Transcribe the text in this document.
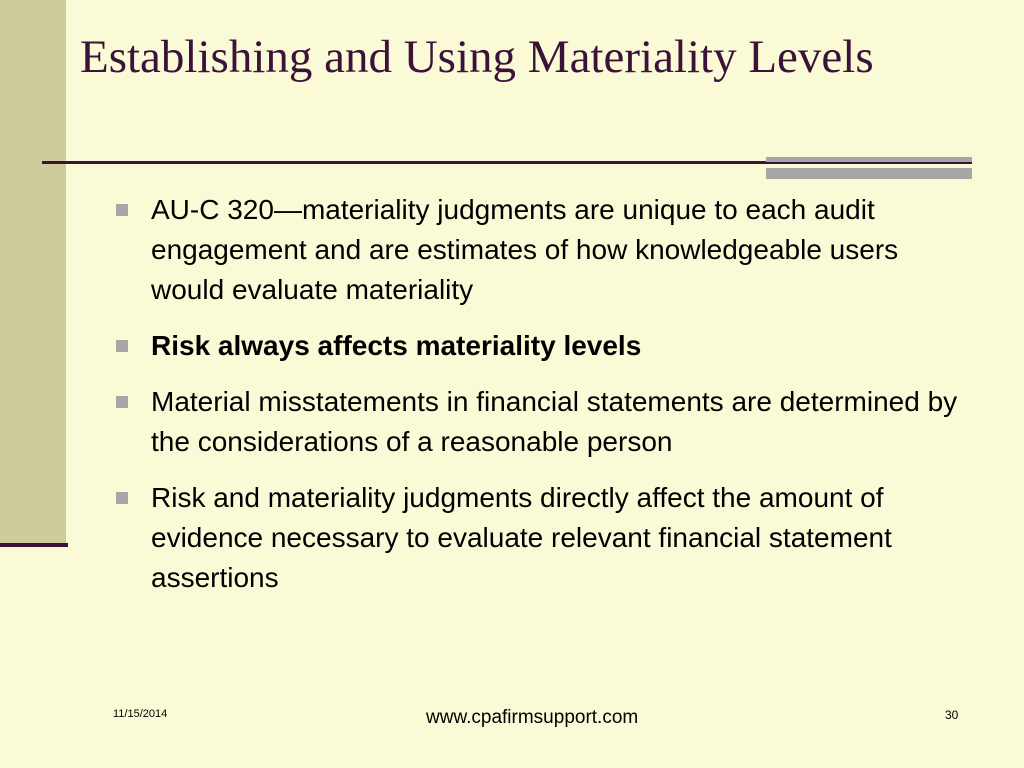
Establishing and Using Materiality Levels
AU-C 320—materiality judgments are unique to each audit engagement and are estimates of how knowledgeable users would evaluate materiality
Risk always affects materiality levels
Material misstatements in financial statements are determined by the considerations of a reasonable person
Risk and materiality judgments directly affect the amount of evidence necessary to evaluate relevant financial statement assertions
11/15/2014	www.cpafirmsupport.com	30
